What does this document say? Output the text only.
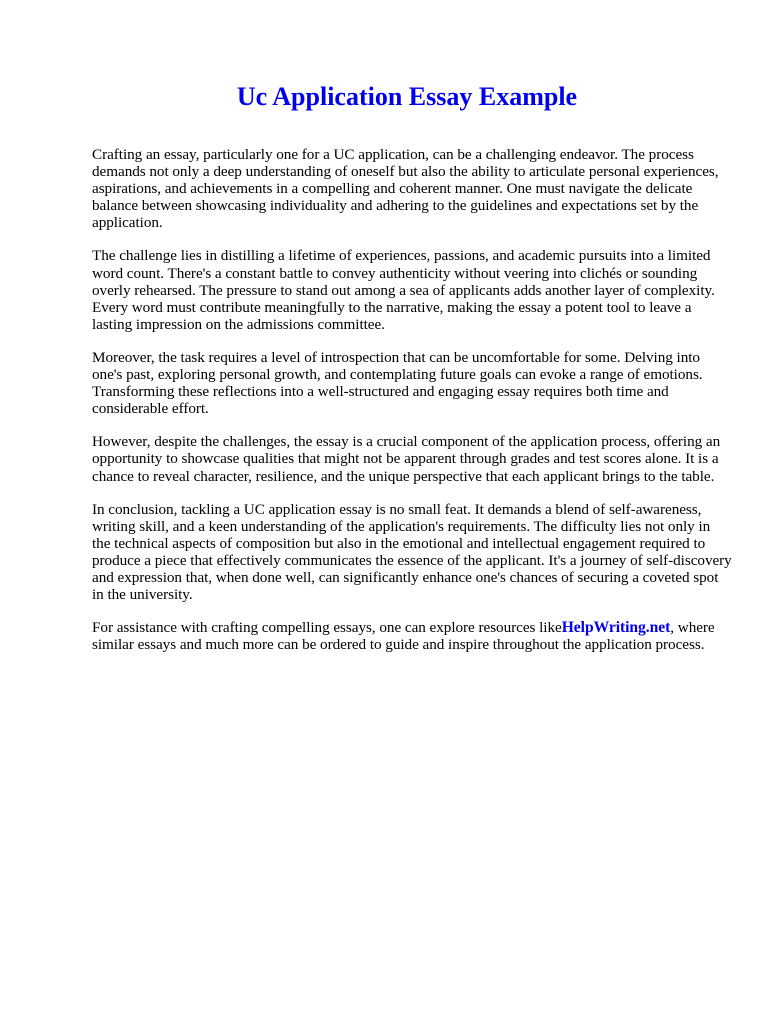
Uc Application Essay Example

Crafting an essay, particularly one for a UC application, can be a challenging endeavor. The process demands not only a deep understanding of oneself but also the ability to articulate personal experiences, aspirations, and achievements in a compelling and coherent manner. One must navigate the delicate balance between showcasing individuality and adhering to the guidelines and expectations set by the application.

The challenge lies in distilling a lifetime of experiences, passions, and academic pursuits into a limited word count. There's a constant battle to convey authenticity without veering into clichés or sounding overly rehearsed. The pressure to stand out among a sea of applicants adds another layer of complexity. Every word must contribute meaningfully to the narrative, making the essay a potent tool to leave a lasting impression on the admissions committee.

Moreover, the task requires a level of introspection that can be uncomfortable for some. Delving into one's past, exploring personal growth, and contemplating future goals can evoke a range of emotions. Transforming these reflections into a well-structured and engaging essay requires both time and considerable effort.

However, despite the challenges, the essay is a crucial component of the application process, offering an opportunity to showcase qualities that might not be apparent through grades and test scores alone. It is a chance to reveal character, resilience, and the unique perspective that each applicant brings to the table.

In conclusion, tackling a UC application essay is no small feat. It demands a blend of self-awareness, writing skill, and a keen understanding of the application's requirements. The difficulty lies not only in the technical aspects of composition but also in the emotional and intellectual engagement required to produce a piece that effectively communicates the essence of the applicant. It's a journey of self-discovery and expression that, when done well, can significantly enhance one's chances of securing a coveted spot in the university.

For assistance with crafting compelling essays, one can explore resources likeHelpWriting.net, where similar essays and much more can be ordered to guide and inspire throughout the application process.
